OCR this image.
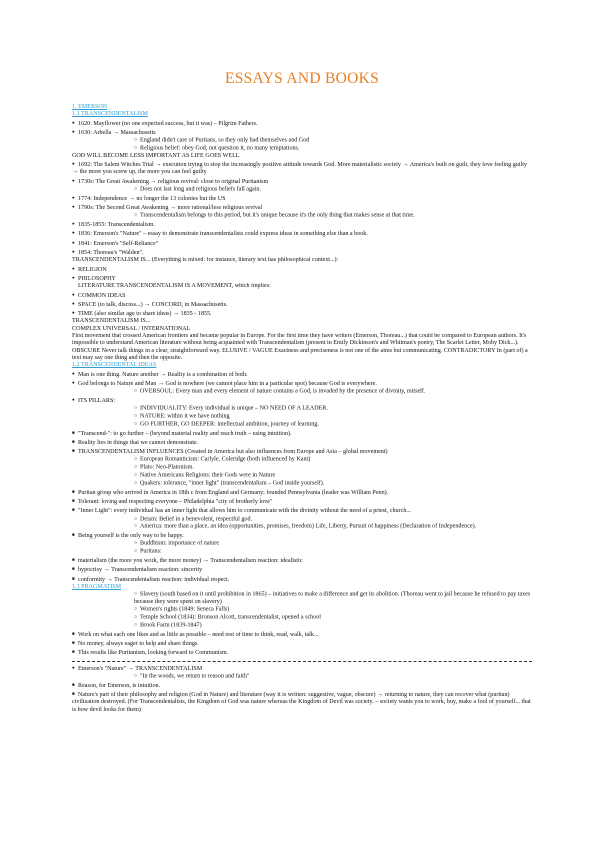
ESSAYS AND BOOKS
1. EMERSON
1.1 TRANSCENDENTALISM
● 1620: Mayflower (no one expected success, but it was) – Pilgrim Fathers.
● 1630: Arbella → Massachusetts
○ England didn't care of Puritans, so they only had themselves and God
○ Religious belief: obey God, not question it, no many temptations.
GOD WILL BECOME LESS IMPORTANT AS LIFE GOES WELL
● 1692: The Salem Witches Trial → execution trying to stop the increasingly positive attitude towards God. More materialistic society → America's built on guilt, they love feeling guilty → the more you screw up, the more you can feel guilty
● 1730s: The Great Awakening → religious revival: close to original Puritanism
○ Does not last long and religious beliefs fall again.
● 1774: Independence → no longer the 13 colonies but the US
● 1790s: The Second Great Awakening → more rational/less religious revival
○ Transcendentalism belongs to this period, but it's unique because it's the only thing that makes sense at that time.
● 1835-1855: Transcendentalism.
● 1836: Emerson's "Nature" – essay to demonstrate transcendentalists could express ideas in something else than a book.
● 1841: Emerson's "Self-Reliance"
● 1854: Thoreau's "Walden".
TRANSCENDENTALISM IS... (Everything is mixed: for instance, literary text has philosophical context...):
● RELIGION
● PHILOSOPHY
LITERATURE TRANSCENDENTALISM IS A MOVEMENT, which implies:
● COMMON IDEAS
● SPACE (to talk, discuss...) → CONCORD, in Massachusetts.
● TIME (also similar age to share ideas) → 1835 - 1855.
TRANSCENDENTALISM IS...
COMPLEX UNIVERSAL / INTERNATIONAL
First movement that crossed American frontiers and became popular in Europe. For the first time they have writers (Emerson, Thoreau...) that could be compared to European authors. It's impossible to understand American literature without being acquainted with Transcendentalism (present in Emily Dickinson's and Whitman's poetry, The Scarlet Letter, Moby Dick...). OBSCURE Never talk things in a clear, straightforward way. ELUSIVE / VAGUE Exactness and preciseness is not one of the aims but communicating. CONTRADICTORY In (part of) a text may say one thing and then the opposite.
1.2 TRANSCENDENTAL IDEAS
● Man is one thing. Nature another → Reality is a combination of both.
● God belongs to Nature and Man → God is nowhere (we cannot place him in a particular spot) because God is everywhere.
○ OVERSOUL: Every man and every element of nature contains a God, is invaded by the presence of divinity, mitself.
● ITS PILLARS:
○ INDIVIDUALITY: Every individual is unique – NO NEED OF A LEADER.
○ NATURE: within it we have nothing
○ GO FURTHER, GO DEEPER: intellectual ambition, journey of learning.
■ "Transcend-": to go further – (beyond material reality and reach truth – using intuition).
■ Reality lies in things that we cannot demonstrate.
■ TRANSCENDENTALISM INFLUENCES (Created in America but also influences from Europe and Asia – global movement)
○ European Romanticism: Carlyle, Coleridge (both influenced by Kant)
○ Plato: Neo-Platonism.
○ Native Americans Religions: their Gods were in Nature
○ Quakers: tolerance, "inner light" (transcendentalism – God inside yourself).
■ Puritan group who arrived in America in 18th c from England and Germany; founded Pennsylvania (leader was William Penn).
■ Tolerant: loving and respecting everyone – Philadelphia "city of brotherly love"
■ "Inner Light": every individual has an inner light that allows him to communicate with the divinity without the need of a priest, church...
○ Deism: Belief in a benevolent, respectful god.
○ America: more than a place, an idea (opportunities, promises, freedom) Life, Liberty, Pursuit of happiness (Declaration of Independence).
■ Being yourself is the only way to be happy.
○ Buddhism: importance of nature
○ Puritans:
■ materialism (the more you work, the more money) → Transcendentalism reaction: idealistic
■ hypocrisy → Transcendentalism reaction: sincerity
■ conformity → Transcendentalism reaction: individual respect.
1.3 PRAGMATISM
○ Slavery (south based on it until prohibition in 1865) – initiatives to make a difference and get its abolition. (Thoreau went to jail because he refused to pay taxes because they were spent on slavery)
○ Women's rights (1849: Seneca Falls)
○ Temple School (1834): Bronson Alcott, transcendentalist, opened a school
○ Brook Farm (1839-1847)
■ Work on what each one likes and as little as possible – need rest of time to think, read, walk, talk...
■ No money, always eager to help and share things.
■ This results like Puritanism, looking forward to Communism.
● Emerson's "Nature" → TRANSCENDENTALISM
○ "In the woods, we return to reason and faith"
■ Reason, for Emerson, is intuition.
■ Nature's part of their philosophy and religion (God in Nature) and literature (way it is written: suggestive, vague, obscure) → returning to nature, they can recover what (puritan) civilization destroyed. (For Transcendentalists, the Kingdom of God was nature whereas the Kingdom of Devil was society. – society wants you to work, buy, make a fool of yourself... that is how devil looks for them)
